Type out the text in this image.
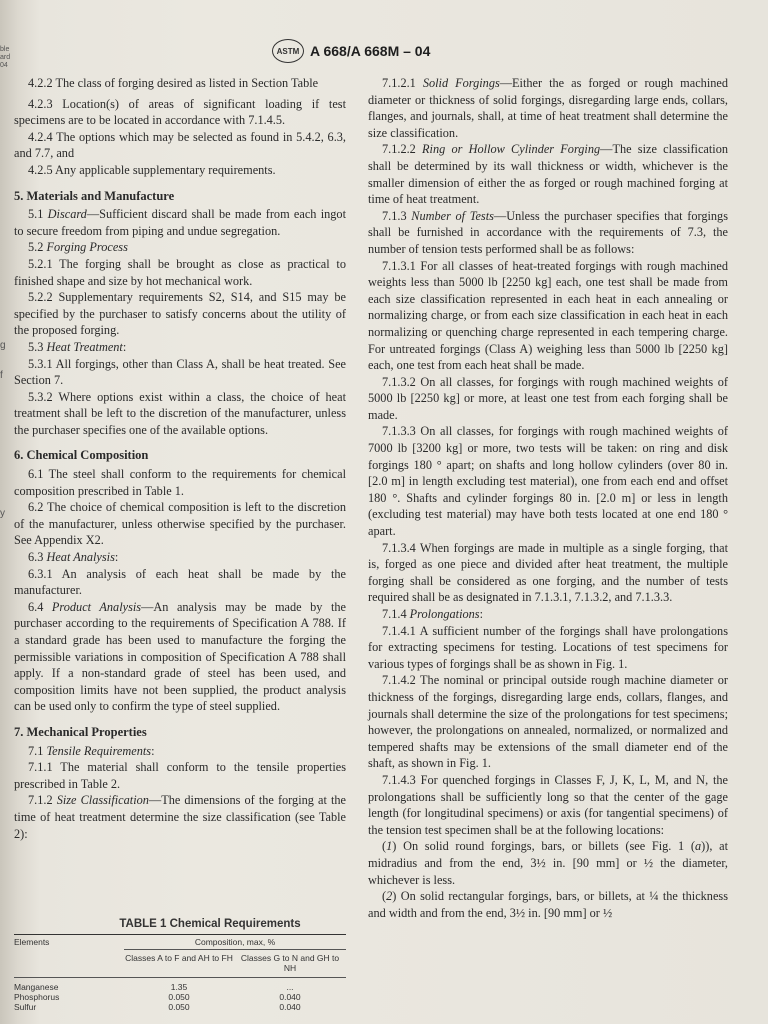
ble
ard
04
g
f
y
ASTM A 668/A 668M – 04

4.2.2 The class of forging desired as listed in Section Table

4.2.3 Location(s) of areas of significant loading if test specimens are to be located in accordance with 7.1.4.5.

4.2.4 The options which may be selected as found in 5.4.2, 6.3, and 7.7, and

4.2.5 Any applicable supplementary requirements.

5. Materials and Manufacture

5.1 Discard—Sufficient discard shall be made from each ingot to secure freedom from piping and undue segregation.

5.2 Forging Process

5.2.1 The forging shall be brought as close as practical to finished shape and size by hot mechanical work.

5.2.2 Supplementary requirements S2, S14, and S15 may be specified by the purchaser to satisfy concerns about the utility of the proposed forging.

5.3 Heat Treatment:

5.3.1 All forgings, other than Class A, shall be heat treated. See Section 7.

5.3.2 Where options exist within a class, the choice of heat treatment shall be left to the discretion of the manufacturer, unless the purchaser specifies one of the available options.

6. Chemical Composition

6.1 The steel shall conform to the requirements for chemical composition prescribed in Table 1.

6.2 The choice of chemical composition is left to the discretion of the manufacturer, unless otherwise specified by the purchaser. See Appendix X2.

6.3 Heat Analysis:

6.3.1 An analysis of each heat shall be made by the manufacturer.

6.4 Product Analysis—An analysis may be made by the purchaser according to the requirements of Specification A 788. If a standard grade has been used to manufacture the forging the permissible variations in composition of Specification A 788 shall apply. If a non-standard grade of steel has been used, and composition limits have not been supplied, the product analysis can be used only to confirm the type of steel supplied.

7. Mechanical Properties

7.1 Tensile Requirements:

7.1.1 The material shall conform to the tensile properties prescribed in Table 2.

7.1.2 Size Classification—The dimensions of the forging at the time of heat treatment determine the size classification (see Table 2):

7.1.2.1 Solid Forgings—Either the as forged or rough machined diameter or thickness of solid forgings, disregarding large ends, collars, flanges, and journals, shall, at time of heat treatment shall determine the size classification.

7.1.2.2 Ring or Hollow Cylinder Forging—The size classification shall be determined by its wall thickness or width, whichever is the smaller dimension of either the as forged or rough machined forging at time of heat treatment.

7.1.3 Number of Tests—Unless the purchaser specifies that forgings shall be furnished in accordance with the requirements of 7.3, the number of tension tests performed shall be as follows:

7.1.3.1 For all classes of heat-treated forgings with rough machined weights less than 5000 lb [2250 kg] each, one test shall be made from each size classification represented in each heat in each annealing or normalizing charge, or from each size classification in each heat in each normalizing or quenching charge represented in each tempering charge. For untreated forgings (Class A) weighing less than 5000 lb [2250 kg] each, one test from each heat shall be made.

7.1.3.2 On all classes, for forgings with rough machined weights of 5000 lb [2250 kg] or more, at least one test from each forging shall be made.

7.1.3.3 On all classes, for forgings with rough machined weights of 7000 lb [3200 kg] or more, two tests will be taken: on ring and disk forgings 180 ° apart; on shafts and long hollow cylinders (over 80 in. [2.0 m] in length excluding test material), one from each end and offset 180 °. Shafts and cylinder forgings 80 in. [2.0 m] or less in length (excluding test material) may have both tests located at one end 180 ° apart.

7.1.3.4 When forgings are made in multiple as a single forging, that is, forged as one piece and divided after heat treatment, the multiple forging shall be considered as one forging, and the number of tests required shall be as designated in 7.1.3.1, 7.1.3.2, and 7.1.3.3.

7.1.4 Prolongations:

7.1.4.1 A sufficient number of the forgings shall have prolongations for extracting specimens for testing. Locations of test specimens for various types of forgings shall be as shown in Fig. 1.

7.1.4.2 The nominal or principal outside rough machine diameter or thickness of the forgings, disregarding large ends, collars, flanges, and journals shall determine the size of the prolongations for test specimens; however, the prolongations on annealed, normalized, or normalized and tempered shafts may be extensions of the small diameter end of the shaft, as shown in Fig. 1.

7.1.4.3 For quenched forgings in Classes F, J, K, L, M, and N, the prolongations shall be sufficiently long so that the center of the gage length (for longitudinal specimens) or axis (for tangential specimens) of the tension test specimen shall be at the following locations:

(1) On solid round forgings, bars, or billets (see Fig. 1 (a)), at midradius and from the end, 3½ in. [90 mm] or ½ the diameter, whichever is less.

(2) On solid rectangular forgings, bars, or billets, at ¼ the thickness and width and from the end, 3½ in. [90 mm] or ½

TABLE 1 Chemical Requirements
Elements	Composition, max, %
Classes A to F and AH to FH Classes G to N and GH to NH
Manganese	1.35	...
Phosphorus	0.050	0.040
Sulfur	0.050	0.040
